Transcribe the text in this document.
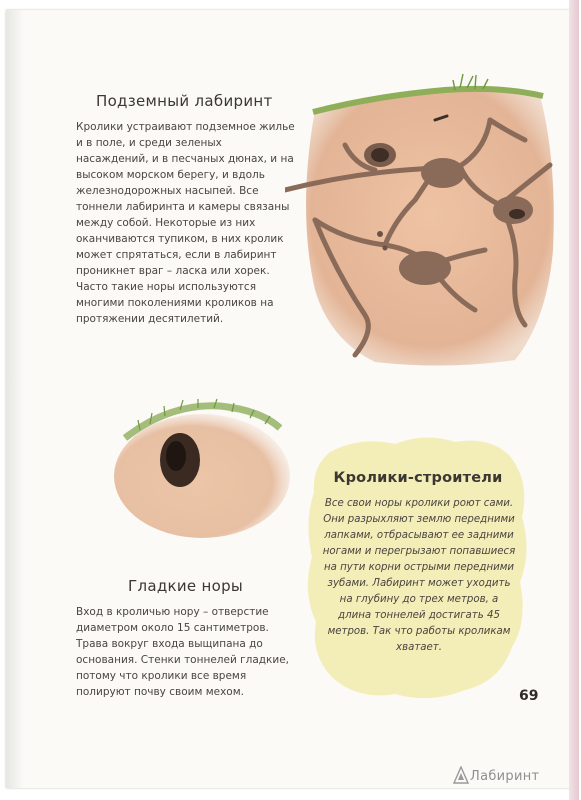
Подземный лабиринт

Кролики устраивают подземное жилье и в поле, и среди зеленых насаждений, и в песчаных дюнах, и на высоком морском берегу, и вдоль железнодорожных насыпей. Все тоннели лабиринта и камеры связаны между собой. Некоторые из них оканчиваются тупиком, в них кролик может спрятаться, если в лабиринт проникнет враг – ласка или хорек. Часто такие норы используются многими поколениями кроликов на протяжении десятилетий.

Гладкие норы

Вход в кроличью нору – отверстие диаметром около 15 сантиметров. Трава вокруг входа выщипана до основания. Стенки тоннелей гладкие, потому что кролики все время полируют почву своим мехом.

Кролики-строители

Все свои норы кролики роют сами. Они разрыхляют землю передними лапками, отбрасывают ее задними ногами и перегрызают попавшиеся на пути корни острыми передними зубами. Лабиринт может уходить на глубину до трех метров, а длина тоннелей достигать 45 метров. Так что работы кроликам хватает.

69
Лабиринт
